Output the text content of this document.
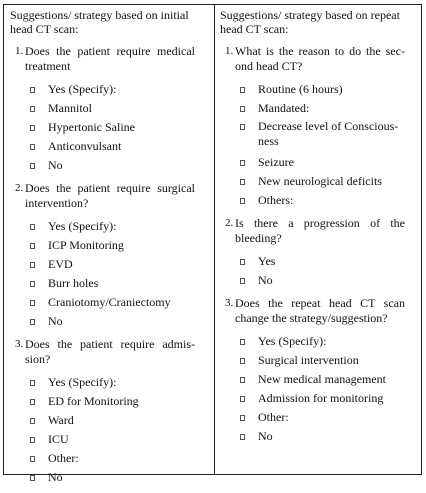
Suggestions/ strategy based on initial head CT scan:
1. Does the patient require medical treatment
Yes (Specify):
Mannitol
Hypertonic Saline
Anticonvulsant
No
2. Does the patient require surgical intervention?
Yes (Specify):
ICP Monitoring
EVD
Burr holes
Craniotomy/Craniectomy
No
3. Does the patient require admis- sion?
Yes (Specify):
ED for Monitoring
Ward
ICU
Other:
No
Suggestions/ strategy based on repeat head CT scan:
1. What is the reason to do the sec- ond head CT?
Routine (6 hours)
Mandated:
Decrease level of Conscious- ness
Seizure
New neurological deficits
Others:
2. Is there a progression of the bleeding?
Yes
No
3. Does the repeat head CT scan change the strategy/suggestion?
Yes (Specify):
Surgical intervention
New medical management
Admission for monitoring
Other:
No
